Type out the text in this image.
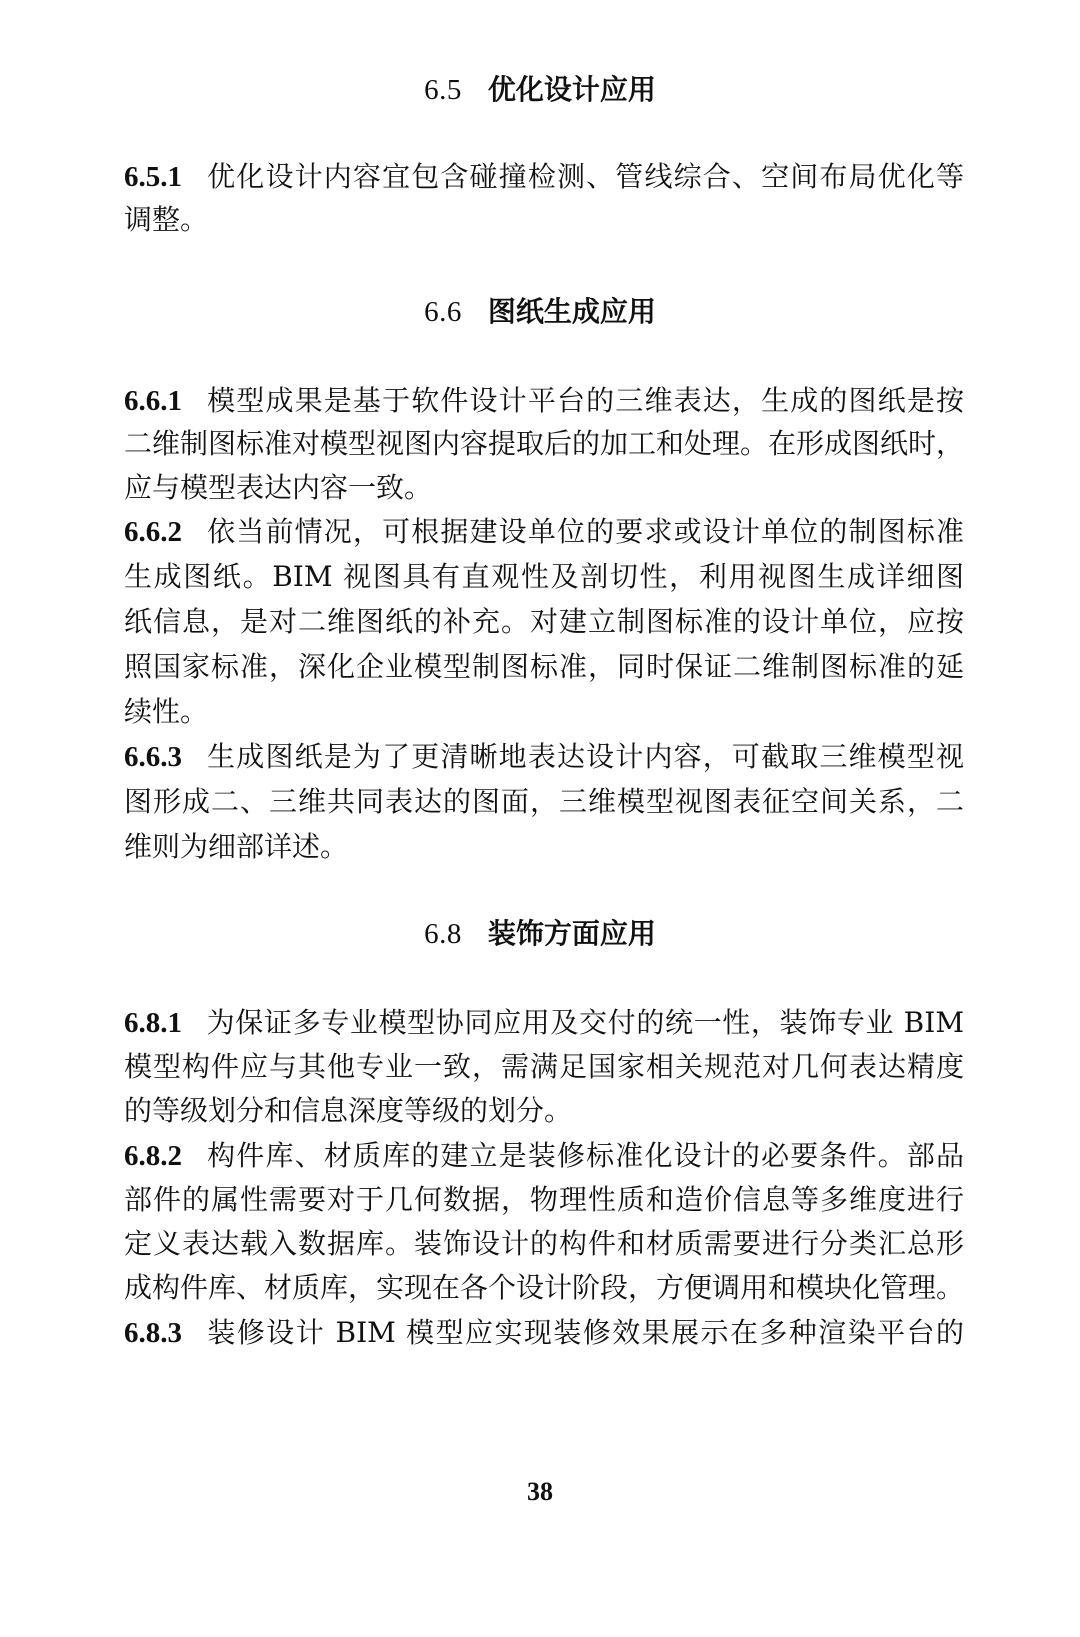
6.5 优化设计应用
6.5.1 优化设计内容宜包含碰撞检测、管线综合、空间布局优化等
调整。
6.6 图纸生成应用
6.6.1 模型成果是基于软件设计平台的三维表达，生成的图纸是按
二维制图标准对模型视图内容提取后的加工和处理。在形成图纸时，
应与模型表达内容一致。
6.6.2 依当前情况，可根据建设单位的要求或设计单位的制图标准
生成图纸。BIM 视图具有直观性及剖切性，利用视图生成详细图
纸信息，是对二维图纸的补充。对建立制图标准的设计单位，应按
照国家标准，深化企业模型制图标准，同时保证二维制图标准的延
续性。
6.6.3 生成图纸是为了更清晰地表达设计内容，可截取三维模型视
图形成二、三维共同表达的图面，三维模型视图表征空间关系，二
维则为细部详述。
6.8 装饰方面应用
6.8.1 为保证多专业模型协同应用及交付的统一性，装饰专业 BIM
模型构件应与其他专业一致，需满足国家相关规范对几何表达精度
的等级划分和信息深度等级的划分。
6.8.2 构件库、材质库的建立是装修标准化设计的必要条件。部品
部件的属性需要对于几何数据，物理性质和造价信息等多维度进行
定义表达载入数据库。装饰设计的构件和材质需要进行分类汇总形
成构件库、材质库，实现在各个设计阶段，方便调用和模块化管理。
6.8.3 装修设计 BIM 模型应实现装修效果展示在多种渲染平台的
38
